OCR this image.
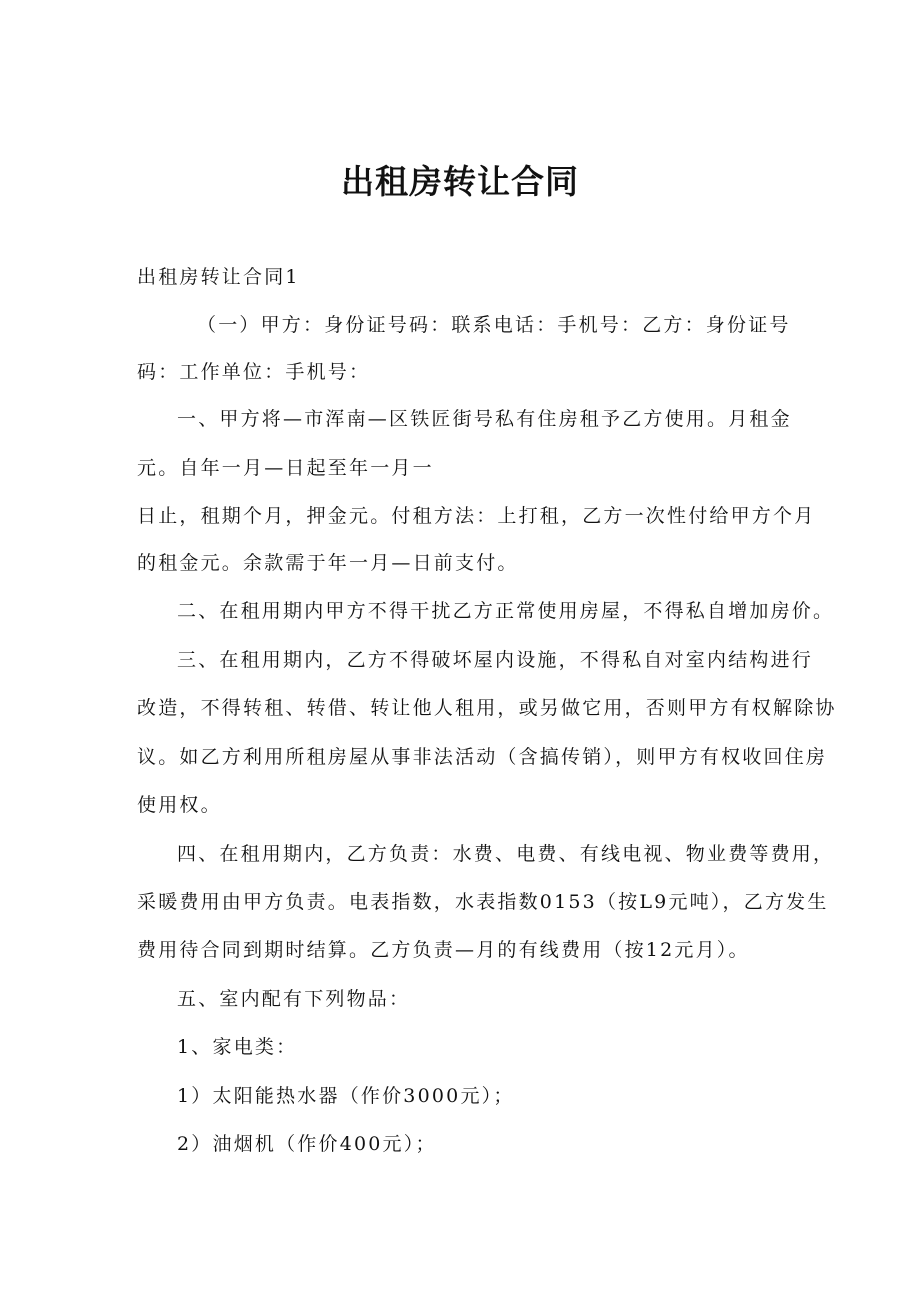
出租房转让合同
出租房转让合同1
（一）甲方：身份证号码：联系电话：手机号：乙方：身份证号
码：工作单位：手机号：
一、甲方将—市浑南—区铁匠街号私有住房租予乙方使用。月租金
元。自年一月—日起至年一月一
日止，租期个月，押金元。付租方法：上打租，乙方一次性付给甲方个月
的租金元。余款需于年一月—日前支付。
二、在租用期内甲方不得干扰乙方正常使用房屋，不得私自增加房价。
三、在租用期内，乙方不得破坏屋内设施，不得私自对室内结构进行
改造，不得转租、转借、转让他人租用，或另做它用，否则甲方有权解除协
议。如乙方利用所租房屋从事非法活动（含搞传销），则甲方有权收回住房
使用权。
四、在租用期内，乙方负责：水费、电费、有线电视、物业费等费用，
采暖费用由甲方负责。电表指数，水表指数0153（按L9元吨），乙方发生
费用待合同到期时结算。乙方负责—月的有线费用（按12元月）。
五、室内配有下列物品：
1、家电类：
1）太阳能热水器（作价3000元）；
2）油烟机（作价400元）；
